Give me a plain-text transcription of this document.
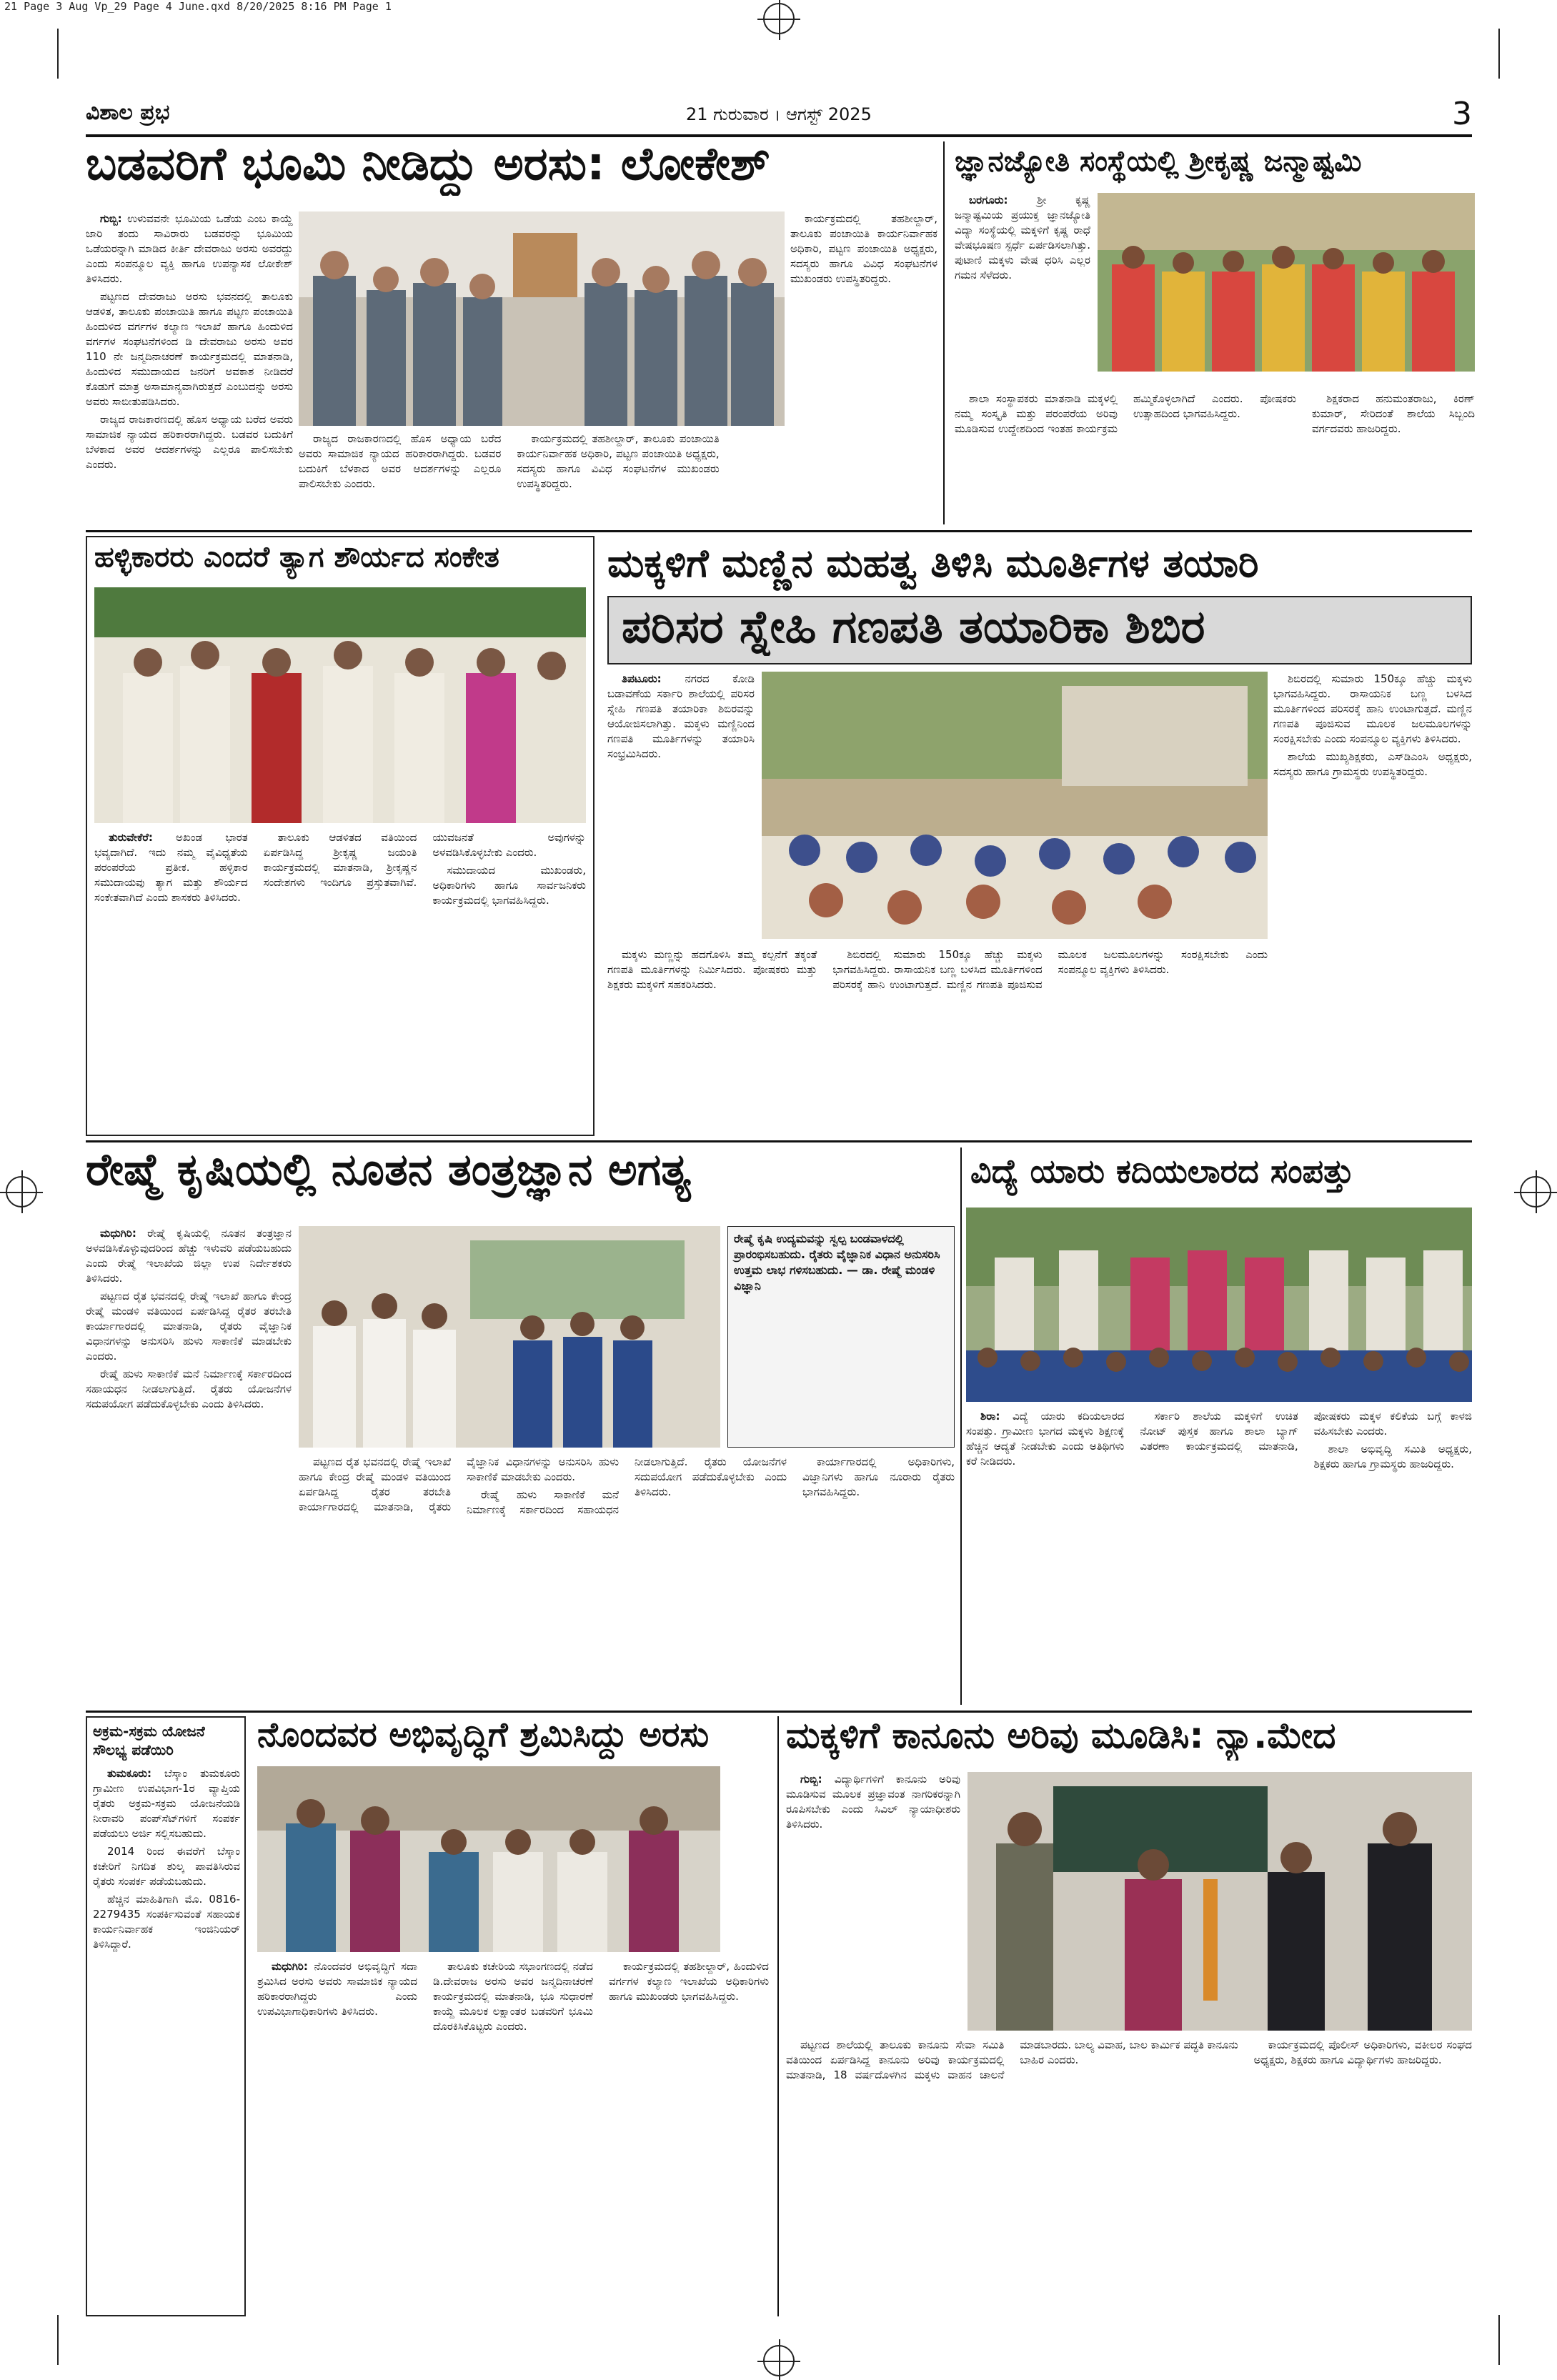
21 Page 3 Aug Vp_29 Page 4 June.qxd 8/20/2025 8:16 PM Page 1
ವಿಶಾಲ ಪ್ರಭ	21 ಗುರುವಾರ । ಆಗಸ್ಟ್ 2025	3
ಬಡವರಿಗೆ ಭೂಮಿ ನೀಡಿದ್ದು ಅರಸು: ಲೋಕೇಶ್

ಗುಬ್ಬಿ: ಉಳುವವನೇ ಭೂಮಿಯ ಒಡೆಯ ಎಂಬ ಕಾಯ್ದೆ ಜಾರಿ ತಂದು ಸಾವಿರಾರು ಬಡವರನ್ನು ಭೂಮಿಯ ಒಡೆಯರನ್ನಾಗಿ ಮಾಡಿದ ಕೀರ್ತಿ ದೇವರಾಜು ಅರಸು ಅವರದ್ದು ಎಂದು ಸಂಪನ್ಮೂಲ ವ್ಯಕ್ತಿ ಹಾಗೂ ಉಪನ್ಯಾಸಕ ಲೋಕೇಶ್ ತಿಳಿಸಿದರು.

ಪಟ್ಟಣದ ದೇವರಾಜು ಅರಸು ಭವನದಲ್ಲಿ ತಾಲೂಕು ಆಡಳಿತ, ತಾಲೂಕು ಪಂಚಾಯಿತಿ ಹಾಗೂ ಪಟ್ಟಣ ಪಂಚಾಯಿತಿ ಹಿಂದುಳಿದ ವರ್ಗಗಳ ಕಲ್ಯಾಣ ಇಲಾಖೆ ಹಾಗೂ ಹಿಂದುಳಿದ ವರ್ಗಗಳ ಸಂಘಟನೆಗಳಿಂದ ಡಿ ದೇವರಾಜು ಅರಸು ಅವರ 110 ನೇ ಜನ್ಮದಿನಾಚರಣೆ ಕಾರ್ಯಕ್ರಮದಲ್ಲಿ ಮಾತನಾಡಿ, ಹಿಂದುಳಿದ ಸಮುದಾಯದ ಜನರಿಗೆ ಅವಕಾಶ ನೀಡಿದರೆ ಕೊಡುಗೆ ಮಾತ್ರ ಅಸಾಮಾನ್ಯವಾಗಿರುತ್ತದೆ ಎಂಬುದನ್ನು ಅರಸು ಅವರು ಸಾಬೀತುಪಡಿಸಿದರು.

ರಾಜ್ಯದ ರಾಜಕಾರಣದಲ್ಲಿ ಹೊಸ ಅಧ್ಯಾಯ ಬರೆದ ಅವರು ಸಾಮಾಜಿಕ ನ್ಯಾಯದ ಹರಿಕಾರರಾಗಿದ್ದರು. ಬಡವರ ಬದುಕಿಗೆ ಬೆಳಕಾದ ಅವರ ಆದರ್ಶಗಳನ್ನು ಎಲ್ಲರೂ ಪಾಲಿಸಬೇಕು ಎಂದರು.

ಕಾರ್ಯಕ್ರಮದಲ್ಲಿ ತಹಶೀಲ್ದಾರ್, ತಾಲೂಕು ಪಂಚಾಯಿತಿ ಕಾರ್ಯನಿರ್ವಾಹಕ ಅಧಿಕಾರಿ, ಪಟ್ಟಣ ಪಂಚಾಯಿತಿ ಅಧ್ಯಕ್ಷರು, ಸದಸ್ಯರು ಹಾಗೂ ವಿವಿಧ ಸಂಘಟನೆಗಳ ಮುಖಂಡರು ಉಪಸ್ಥಿತರಿದ್ದರು.

ರಾಜ್ಯದ ರಾಜಕಾರಣದಲ್ಲಿ ಹೊಸ ಅಧ್ಯಾಯ ಬರೆದ ಅವರು ಸಾಮಾಜಿಕ ನ್ಯಾಯದ ಹರಿಕಾರರಾಗಿದ್ದರು. ಬಡವರ ಬದುಕಿಗೆ ಬೆಳಕಾದ ಅವರ ಆದರ್ಶಗಳನ್ನು ಎಲ್ಲರೂ ಪಾಲಿಸಬೇಕು ಎಂದರು.

ಕಾರ್ಯಕ್ರಮದಲ್ಲಿ ತಹಶೀಲ್ದಾರ್, ತಾಲೂಕು ಪಂಚಾಯಿತಿ ಕಾರ್ಯನಿರ್ವಾಹಕ ಅಧಿಕಾರಿ, ಪಟ್ಟಣ ಪಂಚಾಯಿತಿ ಅಧ್ಯಕ್ಷರು, ಸದಸ್ಯರು ಹಾಗೂ ವಿವಿಧ ಸಂಘಟನೆಗಳ ಮುಖಂಡರು ಉಪಸ್ಥಿತರಿದ್ದರು.

ಜ್ಞಾನಜ್ಯೋತಿ ಸಂಸ್ಥೆಯಲ್ಲಿ ಶ್ರೀಕೃಷ್ಣ ಜನ್ಮಾಷ್ಟಮಿ

ಬರಗೂರು:	ಶ್ರೀ ಕೃಷ್ಣ ಜನ್ಮಾಷ್ಟಮಿಯ ಪ್ರಯುಕ್ತ ಜ್ಞಾನಜ್ಯೋತಿ ವಿದ್ಯಾ ಸಂಸ್ಥೆಯಲ್ಲಿ ಮಕ್ಕಳಿಗೆ ಕೃಷ್ಣ ರಾಧೆ ವೇಷಭೂಷಣ ಸ್ಪರ್ಧೆ ಏರ್ಪಡಿಸಲಾಗಿತ್ತು. ಪುಟಾಣಿ ಮಕ್ಕಳು ವೇಷ ಧರಿಸಿ ಎಲ್ಲರ ಗಮನ ಸೆಳೆದರು.

ಶಾಲಾ ಸಂಸ್ಥಾಪಕರು ಮಾತನಾಡಿ ಮಕ್ಕಳಲ್ಲಿ ನಮ್ಮ ಸಂಸ್ಕೃತಿ ಮತ್ತು ಪರಂಪರೆಯ ಅರಿವು ಮೂಡಿಸುವ ಉದ್ದೇಶದಿಂದ ಇಂತಹ ಕಾರ್ಯಕ್ರಮ ಹಮ್ಮಿಕೊಳ್ಳಲಾಗಿದೆ ಎಂದರು. ಪೋಷಕರು ಉತ್ಸಾಹದಿಂದ ಭಾಗವಹಿಸಿದ್ದರು.

ಶಿಕ್ಷಕರಾದ ಹನುಮಂತರಾಜು, ಕಿರಣ್ ಕುಮಾರ್, ಸೇರಿದಂತೆ ಶಾಲೆಯ ಸಿಬ್ಬಂದಿ ವರ್ಗದವರು ಹಾಜರಿದ್ದರು.

ಹಳ್ಳಿಕಾರರು ಎಂದರೆ ತ್ಯಾಗ ಶೌರ್ಯದ ಸಂಕೇತ

ತುರುವೇಕೆರೆ: ಅಖಂಡ ಭಾರತ ಭವ್ಯದಾಗಿದೆ. ಇದು ನಮ್ಮ ವೈವಿಧ್ಯತೆಯ ಪರಂಪರೆಯ ಪ್ರತೀಕ. ಹಳ್ಳಿಕಾರ ಸಮುದಾಯವು ತ್ಯಾಗ ಮತ್ತು ಶೌರ್ಯದ ಸಂಕೇತವಾಗಿದೆ ಎಂದು ಶಾಸಕರು ತಿಳಿಸಿದರು.

ತಾಲೂಕು ಆಡಳಿತದ ವತಿಯಿಂದ ಏರ್ಪಡಿಸಿದ್ದ ಶ್ರೀಕೃಷ್ಣ ಜಯಂತಿ ಕಾರ್ಯಕ್ರಮದಲ್ಲಿ ಮಾತನಾಡಿ, ಶ್ರೀಕೃಷ್ಣನ ಸಂದೇಶಗಳು ಇಂದಿಗೂ ಪ್ರಸ್ತುತವಾಗಿವೆ. ಯುವಜನತೆ ಅವುಗಳನ್ನು ಅಳವಡಿಸಿಕೊಳ್ಳಬೇಕು ಎಂದರು.

ಸಮುದಾಯದ ಮುಖಂಡರು, ಅಧಿಕಾರಿಗಳು ಹಾಗೂ ಸಾರ್ವಜನಿಕರು ಕಾರ್ಯಕ್ರಮದಲ್ಲಿ ಭಾಗವಹಿಸಿದ್ದರು.

ಮಕ್ಕಳಿಗೆ ಮಣ್ಣಿನ ಮಹತ್ವ ತಿಳಿಸಿ ಮೂರ್ತಿಗಳ ತಯಾರಿ
ಪರಿಸರ ಸ್ನೇಹಿ ಗಣಪತಿ ತಯಾರಿಕಾ ಶಿಬಿರ

ತಿಪಟೂರು: ನಗರದ ಕೋಡಿ ಬಡಾವಣೆಯ ಸರ್ಕಾರಿ ಶಾಲೆಯಲ್ಲಿ ಪರಿಸರ ಸ್ನೇಹಿ ಗಣಪತಿ ತಯಾರಿಕಾ ಶಿಬಿರವನ್ನು ಆಯೋಜಿಸಲಾಗಿತ್ತು. ಮಕ್ಕಳು ಮಣ್ಣಿನಿಂದ ಗಣಪತಿ ಮೂರ್ತಿಗಳನ್ನು ತಯಾರಿಸಿ ಸಂಭ್ರಮಿಸಿದರು.

ಶಿಬಿರದಲ್ಲಿ ಸುಮಾರು 150ಕ್ಕೂ ಹೆಚ್ಚು ಮಕ್ಕಳು ಭಾಗವಹಿಸಿದ್ದರು. ರಾಸಾಯನಿಕ ಬಣ್ಣ ಬಳಸಿದ ಮೂರ್ತಿಗಳಿಂದ ಪರಿಸರಕ್ಕೆ ಹಾನಿ ಉಂಟಾಗುತ್ತದೆ. ಮಣ್ಣಿನ ಗಣಪತಿ ಪೂಜಿಸುವ ಮೂಲಕ ಜಲಮೂಲಗಳನ್ನು ಸಂರಕ್ಷಿಸಬೇಕು ಎಂದು ಸಂಪನ್ಮೂಲ ವ್ಯಕ್ತಿಗಳು ತಿಳಿಸಿದರು.

ಶಾಲೆಯ ಮುಖ್ಯಶಿಕ್ಷಕರು, ಎಸ್‌ಡಿಎಂಸಿ ಅಧ್ಯಕ್ಷರು, ಸದಸ್ಯರು ಹಾಗೂ ಗ್ರಾಮಸ್ಥರು ಉಪಸ್ಥಿತರಿದ್ದರು.

ಮಕ್ಕಳು ಮಣ್ಣನ್ನು ಹದಗೊಳಿಸಿ ತಮ್ಮ ಕಲ್ಪನೆಗೆ ತಕ್ಕಂತೆ ಗಣಪತಿ ಮೂರ್ತಿಗಳನ್ನು ನಿರ್ಮಿಸಿದರು. ಪೋಷಕರು ಮತ್ತು ಶಿಕ್ಷಕರು ಮಕ್ಕಳಿಗೆ ಸಹಕರಿಸಿದರು.

ಶಿಬಿರದಲ್ಲಿ ಸುಮಾರು 150ಕ್ಕೂ ಹೆಚ್ಚು ಮಕ್ಕಳು ಭಾಗವಹಿಸಿದ್ದರು. ರಾಸಾಯನಿಕ ಬಣ್ಣ ಬಳಸಿದ ಮೂರ್ತಿಗಳಿಂದ ಪರಿಸರಕ್ಕೆ ಹಾನಿ ಉಂಟಾಗುತ್ತದೆ. ಮಣ್ಣಿನ ಗಣಪತಿ ಪೂಜಿಸುವ ಮೂಲಕ ಜಲಮೂಲಗಳನ್ನು ಸಂರಕ್ಷಿಸಬೇಕು ಎಂದು ಸಂಪನ್ಮೂಲ ವ್ಯಕ್ತಿಗಳು ತಿಳಿಸಿದರು.

ರೇಷ್ಮೆ ಕೃಷಿಯಲ್ಲಿ ನೂತನ ತಂತ್ರಜ್ಞಾನ ಅಗತ್ಯ
ರೇಷ್ಮೆ ಕೃಷಿ ಉದ್ಯಮವನ್ನು ಸ್ವಲ್ಪ ಬಂಡವಾಳದಲ್ಲಿ ಪ್ರಾರಂಭಿಸಬಹುದು. ರೈತರು ವೈಜ್ಞಾನಿಕ ವಿಧಾನ ಅನುಸರಿಸಿ ಉತ್ತಮ ಲಾಭ ಗಳಿಸಬಹುದು. — ಡಾ. ರೇಷ್ಮೆ ಮಂಡಳಿ ವಿಜ್ಞಾನಿ

ಮಧುಗಿರಿ: ರೇಷ್ಮೆ ಕೃಷಿಯಲ್ಲಿ ನೂತನ ತಂತ್ರಜ್ಞಾನ ಅಳವಡಿಸಿಕೊಳ್ಳುವುದರಿಂದ ಹೆಚ್ಚು ಇಳುವರಿ ಪಡೆಯಬಹುದು ಎಂದು ರೇಷ್ಮೆ ಇಲಾಖೆಯ ಜಿಲ್ಲಾ ಉಪ ನಿರ್ದೇಶಕರು ತಿಳಿಸಿದರು.

ಪಟ್ಟಣದ ರೈತ ಭವನದಲ್ಲಿ ರೇಷ್ಮೆ ಇಲಾಖೆ ಹಾಗೂ ಕೇಂದ್ರ ರೇಷ್ಮೆ ಮಂಡಳಿ ವತಿಯಿಂದ ಏರ್ಪಡಿಸಿದ್ದ ರೈತರ ತರಬೇತಿ ಕಾರ್ಯಾಗಾರದಲ್ಲಿ ಮಾತನಾಡಿ, ರೈತರು ವೈಜ್ಞಾನಿಕ ವಿಧಾನಗಳನ್ನು ಅನುಸರಿಸಿ ಹುಳು ಸಾಕಾಣಿಕೆ ಮಾಡಬೇಕು ಎಂದರು.

ರೇಷ್ಮೆ ಹುಳು ಸಾಕಾಣಿಕೆ ಮನೆ ನಿರ್ಮಾಣಕ್ಕೆ ಸರ್ಕಾರದಿಂದ ಸಹಾಯಧನ ನೀಡಲಾಗುತ್ತಿದೆ. ರೈತರು ಯೋಜನೆಗಳ ಸದುಪಯೋಗ ಪಡೆದುಕೊಳ್ಳಬೇಕು ಎಂದು ತಿಳಿಸಿದರು.

ಪಟ್ಟಣದ ರೈತ ಭವನದಲ್ಲಿ ರೇಷ್ಮೆ ಇಲಾಖೆ ಹಾಗೂ ಕೇಂದ್ರ ರೇಷ್ಮೆ ಮಂಡಳಿ ವತಿಯಿಂದ ಏರ್ಪಡಿಸಿದ್ದ ರೈತರ ತರಬೇತಿ ಕಾರ್ಯಾಗಾರದಲ್ಲಿ ಮಾತನಾಡಿ, ರೈತರು ವೈಜ್ಞಾನಿಕ ವಿಧಾನಗಳನ್ನು ಅನುಸರಿಸಿ ಹುಳು ಸಾಕಾಣಿಕೆ ಮಾಡಬೇಕು ಎಂದರು.

ರೇಷ್ಮೆ ಹುಳು ಸಾಕಾಣಿಕೆ ಮನೆ ನಿರ್ಮಾಣಕ್ಕೆ ಸರ್ಕಾರದಿಂದ ಸಹಾಯಧನ ನೀಡಲಾಗುತ್ತಿದೆ. ರೈತರು ಯೋಜನೆಗಳ ಸದುಪಯೋಗ ಪಡೆದುಕೊಳ್ಳಬೇಕು ಎಂದು ತಿಳಿಸಿದರು.

ಕಾರ್ಯಾಗಾರದಲ್ಲಿ ಅಧಿಕಾರಿಗಳು, ವಿಜ್ಞಾನಿಗಳು ಹಾಗೂ ನೂರಾರು ರೈತರು ಭಾಗವಹಿಸಿದ್ದರು.

ವಿದ್ಯೆ ಯಾರು ಕದಿಯಲಾರದ ಸಂಪತ್ತು

ಶಿರಾ: ವಿದ್ಯೆ ಯಾರು ಕದಿಯಲಾರದ ಸಂಪತ್ತು. ಗ್ರಾಮೀಣ ಭಾಗದ ಮಕ್ಕಳು ಶಿಕ್ಷಣಕ್ಕೆ ಹೆಚ್ಚಿನ ಆದ್ಯತೆ ನೀಡಬೇಕು ಎಂದು ಅತಿಥಿಗಳು ಕರೆ ನೀಡಿದರು.

ಸರ್ಕಾರಿ ಶಾಲೆಯ ಮಕ್ಕಳಿಗೆ ಉಚಿತ ನೋಟ್ ಪುಸ್ತಕ ಹಾಗೂ ಶಾಲಾ ಬ್ಯಾಗ್ ವಿತರಣಾ ಕಾರ್ಯಕ್ರಮದಲ್ಲಿ ಮಾತನಾಡಿ, ಪೋಷಕರು ಮಕ್ಕಳ ಕಲಿಕೆಯ ಬಗ್ಗೆ ಕಾಳಜಿ ವಹಿಸಬೇಕು ಎಂದರು.

ಶಾಲಾ ಅಭಿವೃದ್ಧಿ ಸಮಿತಿ ಅಧ್ಯಕ್ಷರು, ಶಿಕ್ಷಕರು ಹಾಗೂ ಗ್ರಾಮಸ್ಥರು ಹಾಜರಿದ್ದರು.

ಅಕ್ರಮ-ಸಕ್ರಮ ಯೋಜನೆ ಸೌಲಭ್ಯ ಪಡೆಯಿರಿ

ತುಮಕೂರು: ಬೆಸ್ಕಾಂ ತುಮಕೂರು ಗ್ರಾಮೀಣ ಉಪವಿಭಾಗ-1ರ ವ್ಯಾಪ್ತಿಯ ರೈತರು ಅಕ್ರಮ-ಸಕ್ರಮ ಯೋಜನೆಯಡಿ ನೀರಾವರಿ ಪಂಪ್‌ಸೆಟ್‌ಗಳಿಗೆ ಸಂಪರ್ಕ ಪಡೆಯಲು ಅರ್ಜಿ ಸಲ್ಲಿಸಬಹುದು.

2014 ರಿಂದ ಈವರೆಗೆ ಬೆಸ್ಕಾಂ ಕಚೇರಿಗೆ ನಿಗದಿತ ಶುಲ್ಕ ಪಾವತಿಸಿರುವ ರೈತರು ಸಂಪರ್ಕ ಪಡೆಯಬಹುದು.

ಹೆಚ್ಚಿನ ಮಾಹಿತಿಗಾಗಿ ಮೊ. 0816-2279435 ಸಂಪರ್ಕಿಸುವಂತೆ ಸಹಾಯಕ ಕಾರ್ಯನಿರ್ವಾಹಕ ಇಂಜಿನಿಯರ್ ತಿಳಿಸಿದ್ದಾರೆ.

ನೊಂದವರ ಅಭಿವೃದ್ಧಿಗೆ ಶ್ರಮಿಸಿದ್ದು ಅರಸು

ಮಧುಗಿರಿ: ನೊಂದವರ ಅಭಿವೃದ್ಧಿಗೆ ಸದಾ ಶ್ರಮಿಸಿದ ಅರಸು ಅವರು ಸಾಮಾಜಿಕ ನ್ಯಾಯದ ಹರಿಕಾರರಾಗಿದ್ದರು ಎಂದು ಉಪವಿಭಾಗಾಧಿಕಾರಿಗಳು ತಿಳಿಸಿದರು.

ತಾಲೂಕು ಕಚೇರಿಯ ಸಭಾಂಗಣದಲ್ಲಿ ನಡೆದ ಡಿ.ದೇವರಾಜ ಅರಸು ಅವರ ಜನ್ಮದಿನಾಚರಣೆ ಕಾರ್ಯಕ್ರಮದಲ್ಲಿ ಮಾತನಾಡಿ, ಭೂ ಸುಧಾರಣೆ ಕಾಯ್ದೆ ಮೂಲಕ ಲಕ್ಷಾಂತರ ಬಡವರಿಗೆ ಭೂಮಿ ದೊರಕಿಸಿಕೊಟ್ಟರು ಎಂದರು.

ಕಾರ್ಯಕ್ರಮದಲ್ಲಿ ತಹಶೀಲ್ದಾರ್, ಹಿಂದುಳಿದ ವರ್ಗಗಳ ಕಲ್ಯಾಣ ಇಲಾಖೆಯ ಅಧಿಕಾರಿಗಳು ಹಾಗೂ ಮುಖಂಡರು ಭಾಗವಹಿಸಿದ್ದರು.

ಮಕ್ಕಳಿಗೆ ಕಾನೂನು ಅರಿವು ಮೂಡಿಸಿ: ನ್ಯಾ.ಮೇದ

ಗುಬ್ಬಿ: ವಿದ್ಯಾರ್ಥಿಗಳಿಗೆ ಕಾನೂನು ಅರಿವು ಮೂಡಿಸುವ ಮೂಲಕ ಪ್ರಜ್ಞಾವಂತ ನಾಗರಿಕರನ್ನಾಗಿ ರೂಪಿಸಬೇಕು ಎಂದು ಸಿವಿಲ್ ನ್ಯಾಯಾಧೀಶರು ತಿಳಿಸಿದರು.

ಪಟ್ಟಣದ ಶಾಲೆಯಲ್ಲಿ ತಾಲೂಕು ಕಾನೂನು ಸೇವಾ ಸಮಿತಿ ವತಿಯಿಂದ ಏರ್ಪಡಿಸಿದ್ದ ಕಾನೂನು ಅರಿವು ಕಾರ್ಯಕ್ರಮದಲ್ಲಿ ಮಾತನಾಡಿ, 18 ವರ್ಷದೊಳಗಿನ ಮಕ್ಕಳು ವಾಹನ ಚಾಲನೆ ಮಾಡಬಾರದು. ಬಾಲ್ಯ ವಿವಾಹ, ಬಾಲ ಕಾರ್ಮಿಕ ಪದ್ಧತಿ ಕಾನೂನು ಬಾಹಿರ ಎಂದರು.

ಕಾರ್ಯಕ್ರಮದಲ್ಲಿ ಪೊಲೀಸ್ ಅಧಿಕಾರಿಗಳು, ವಕೀಲರ ಸಂಘದ ಅಧ್ಯಕ್ಷರು, ಶಿಕ್ಷಕರು ಹಾಗೂ ವಿದ್ಯಾರ್ಥಿಗಳು ಹಾಜರಿದ್ದರು.
